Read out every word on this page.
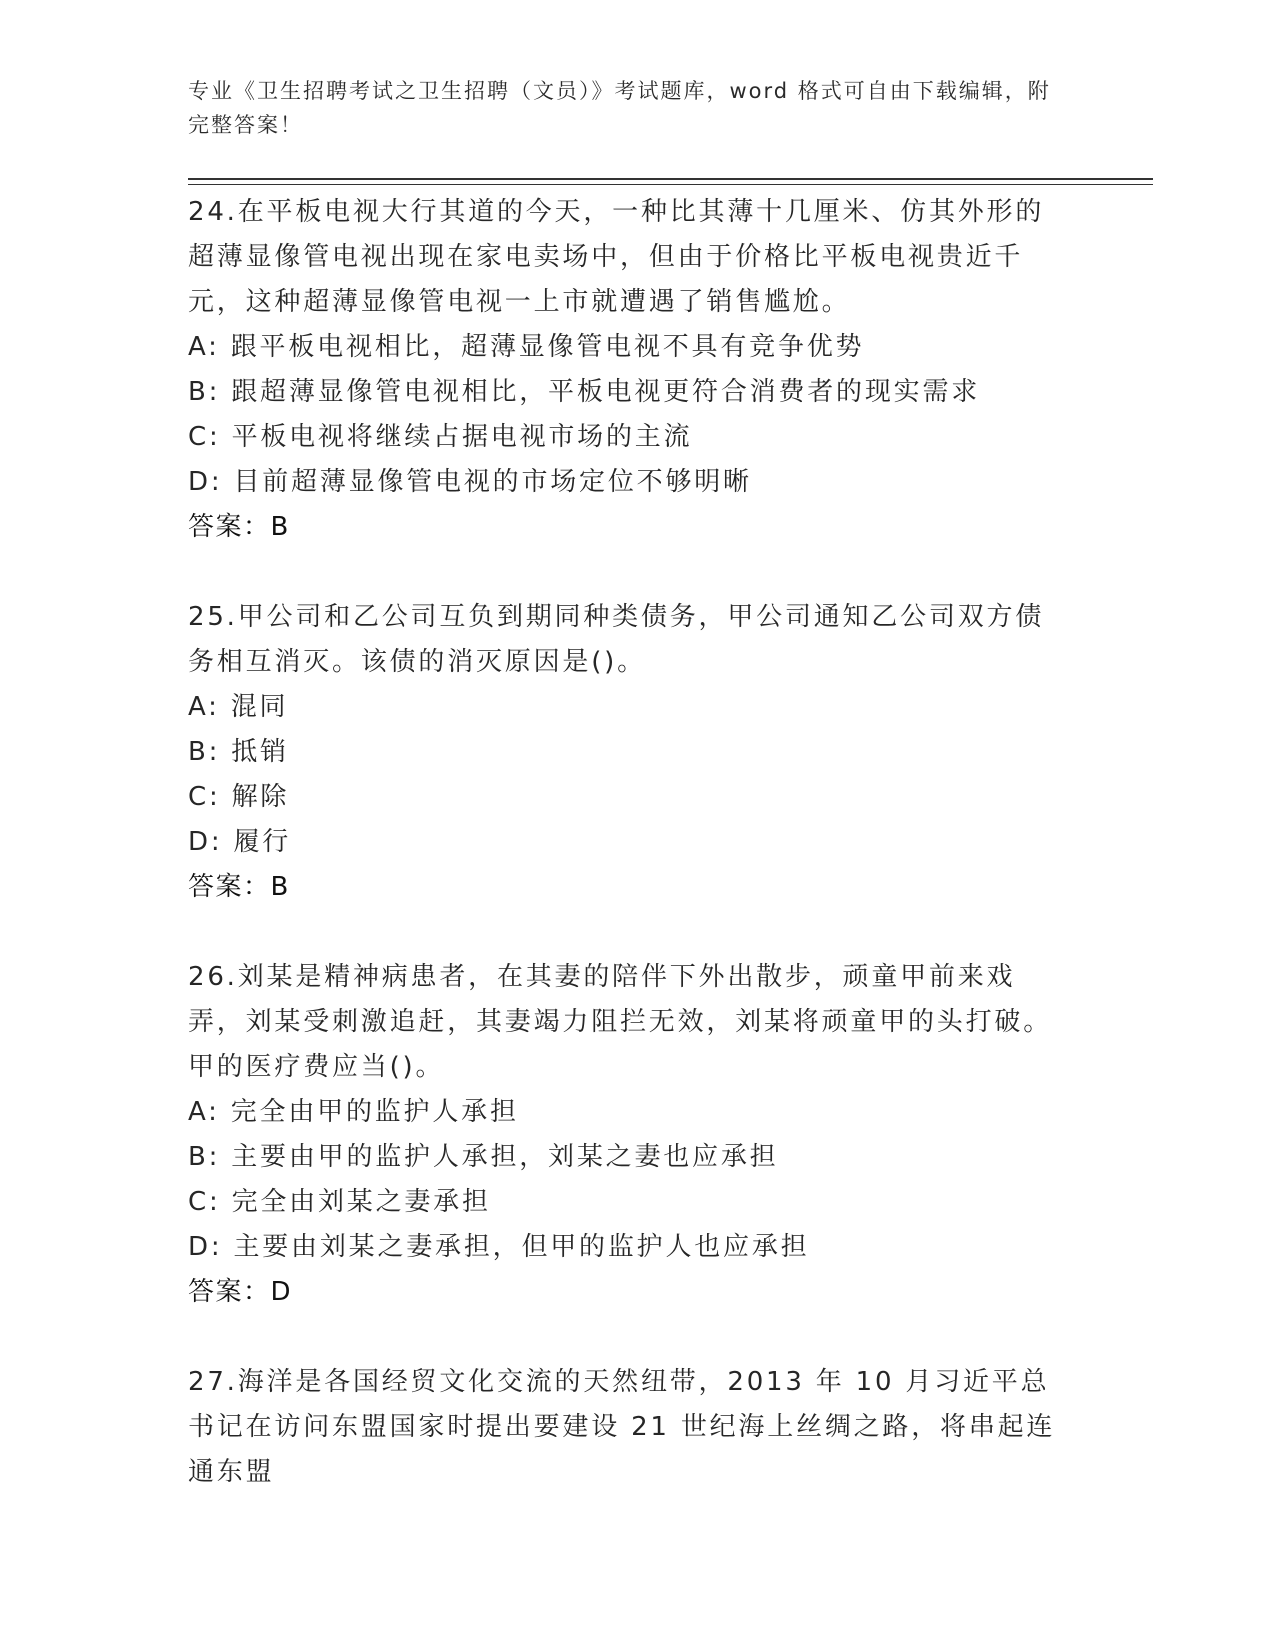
专业《卫生招聘考试之卫生招聘（文员）》考试题库，word 格式可自由下载编辑，附完整答案！
24.在平板电视大行其道的今天，一种比其薄十几厘米、仿其外形的超薄显像管电视出现在家电卖场中，但由于价格比平板电视贵近千元，这种超薄显像管电视一上市就遭遇了销售尴尬。
A: 跟平板电视相比，超薄显像管电视不具有竞争优势
B: 跟超薄显像管电视相比，平板电视更符合消费者的现实需求
C: 平板电视将继续占据电视市场的主流
D: 目前超薄显像管电视的市场定位不够明晰
答案：B
25.甲公司和乙公司互负到期同种类债务，甲公司通知乙公司双方债务相互消灭。该债的消灭原因是()。
A: 混同
B: 抵销
C: 解除
D: 履行
答案：B
26.刘某是精神病患者，在其妻的陪伴下外出散步，顽童甲前来戏弄，刘某受刺激追赶，其妻竭力阻拦无效，刘某将顽童甲的头打破。甲的医疗费应当()。
A: 完全由甲的监护人承担
B: 主要由甲的监护人承担，刘某之妻也应承担
C: 完全由刘某之妻承担
D: 主要由刘某之妻承担，但甲的监护人也应承担
答案：D
27.海洋是各国经贸文化交流的天然纽带，2013 年 10 月习近平总书记在访问东盟国家时提出要建设 21 世纪海上丝绸之路，将串起连通东盟
